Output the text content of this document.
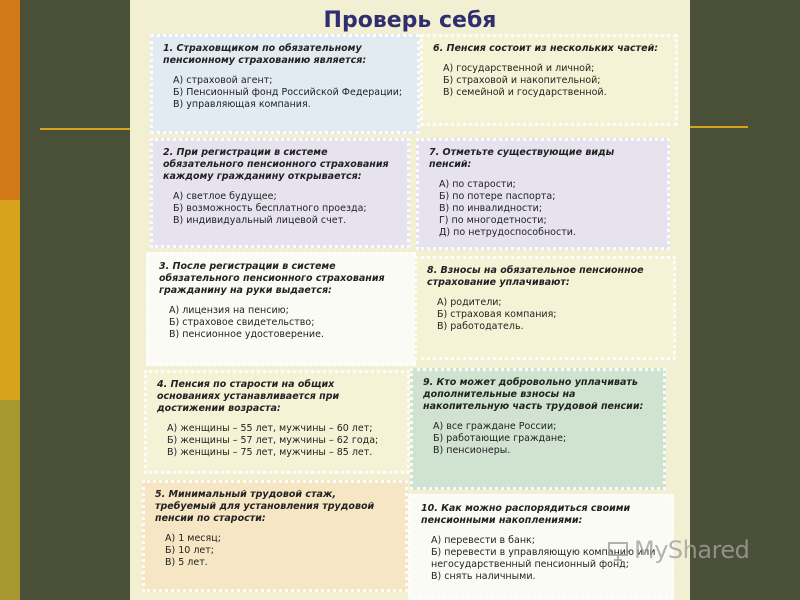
Проверь себя
1. Страховщиком по обязательному пенсионному страхованию является:
А) страховой агент;
Б) Пенсионный фонд Российской Федерации;
В) управляющая компания.
2. При регистрации в системе обязательного пенсионного страхования каждому гражданину открывается:
А) светлое будущее;
Б) возможность бесплатного проезда;
В) индивидуальный лицевой счет.
3. После регистрации в системе обязательного пенсионного страхования гражданину на руки выдается:
А) лицензия на пенсию;
Б) страховое свидетельство;
В) пенсионное удостоверение.
4. Пенсия по старости на общих основаниях устанавливается при достижении возраста:
А) женщины – 55 лет, мужчины – 60 лет;
Б) женщины – 57 лет, мужчины – 62 года;
В) женщины – 75 лет, мужчины – 85 лет.
5. Минимальный трудовой стаж, требуемый для установления трудовой пенсии по старости:
А) 1 месяц;
Б) 10 лет;
В) 5 лет.
6. Пенсия состоит из нескольких частей:
А) государственной и личной;
Б) страховой и накопительной;
В) семейной и государственной.
7. Отметьте существующие виды пенсий:
А) по старости;
Б) по потере паспорта;
В) по инвалидности;
Г) по многодетности;
Д) по нетрудоспособности.
8. Взносы на обязательное пенсионное страхование уплачивают:
А) родители;
Б) страховая компания;
В) работодатель.
9. Кто может добровольно уплачивать дополнительные взносы на накопительную часть трудовой пенсии:
А) все граждане России;
Б) работающие граждане;
В) пенсионеры.
10. Как можно распорядиться своими пенсионными накоплениями:
А) перевести в банк;
Б) перевести в управляющую компанию или негосударственный пенсионный фонд;
В) снять наличными.
MyShared
